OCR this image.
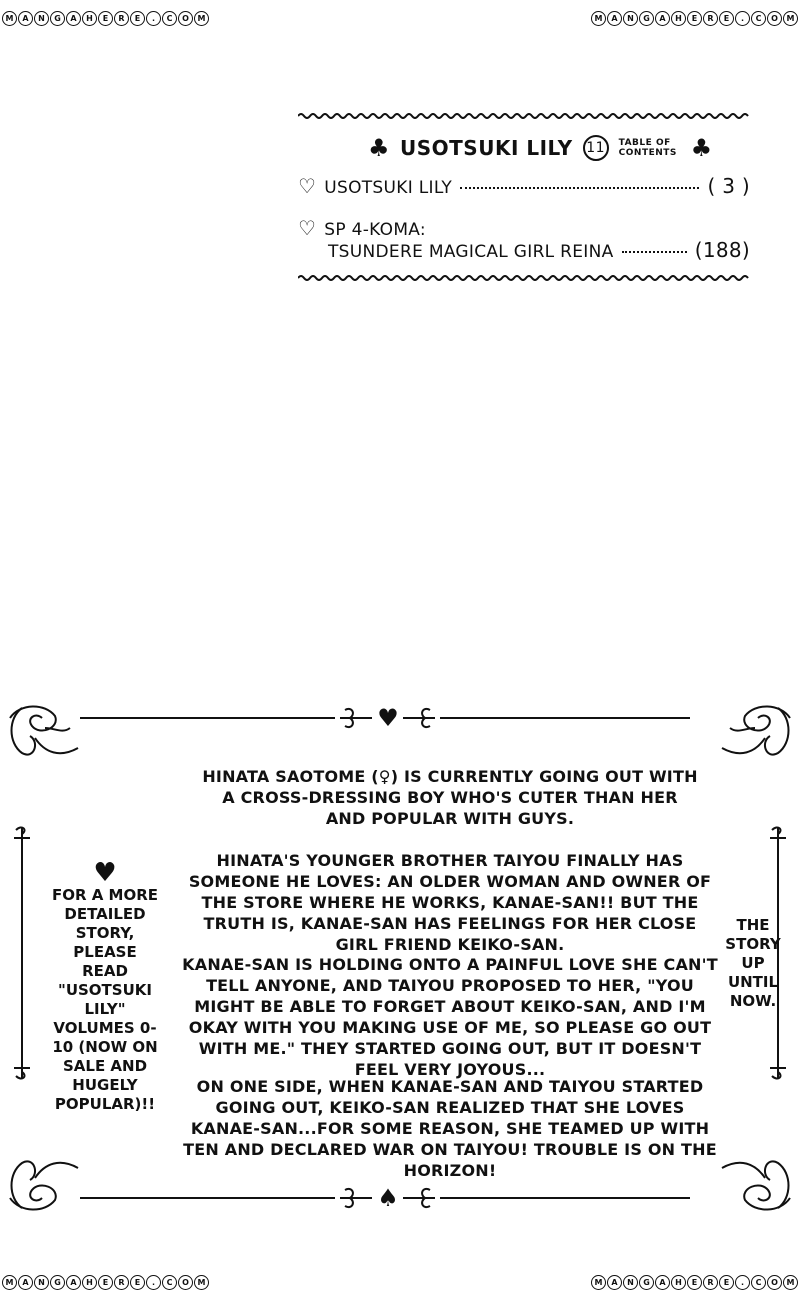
M	A	N	G	A	H	E	R	E	.	C	O	M	M	A	N	G	A	H	E	R	E	.	C	O	M
M	A	N	G	A	H	E	R	E	.	C	O	M	M	A	N	G	A	H	E	R	E	.	C	O	M
♣ USOTSUKI LILY 11	TABLE OF
CONTENTS ♣
♡ USOTSUKI LILY	( 3 )
♡ SP 4-KOMA:
TSUNDERE MAGICAL GIRL REINA	(188)
♥
♠
HINATA SAOTOME (♀) IS CURRENTLY GOING OUT WITH A CROSS-DRESSING BOY WHO'S CUTER THAN HER AND POPULAR WITH GUYS.
HINATA'S YOUNGER BROTHER TAIYOU FINALLY HAS SOMEONE HE LOVES: AN OLDER WOMAN AND OWNER OF THE STORE WHERE HE WORKS, KANAE-SAN!! BUT THE TRUTH IS, KANAE-SAN HAS FEELINGS FOR HER CLOSE GIRL FRIEND KEIKO-SAN.
KANAE-SAN IS HOLDING ONTO A PAINFUL LOVE SHE CAN'T TELL ANYONE, AND TAIYOU PROPOSED TO HER, "YOU MIGHT BE ABLE TO FORGET ABOUT KEIKO-SAN, AND I'M OKAY WITH YOU MAKING USE OF ME, SO PLEASE GO OUT WITH ME." THEY STARTED GOING OUT, BUT IT DOESN'T FEEL VERY JOYOUS...
ON ONE SIDE, WHEN KANAE-SAN AND TAIYOU STARTED GOING OUT, KEIKO-SAN REALIZED THAT SHE LOVES KANAE-SAN...FOR SOME REASON, SHE TEAMED UP WITH TEN AND DECLARED WAR ON TAIYOU! TROUBLE IS ON THE HORIZON!
♥
FOR A MORE DETAILED STORY, PLEASE READ "USOTSUKI LILY" VOLUMES 0-10 (NOW ON SALE AND HUGELY POPULAR)!!
THE STORY UP UNTIL NOW.
